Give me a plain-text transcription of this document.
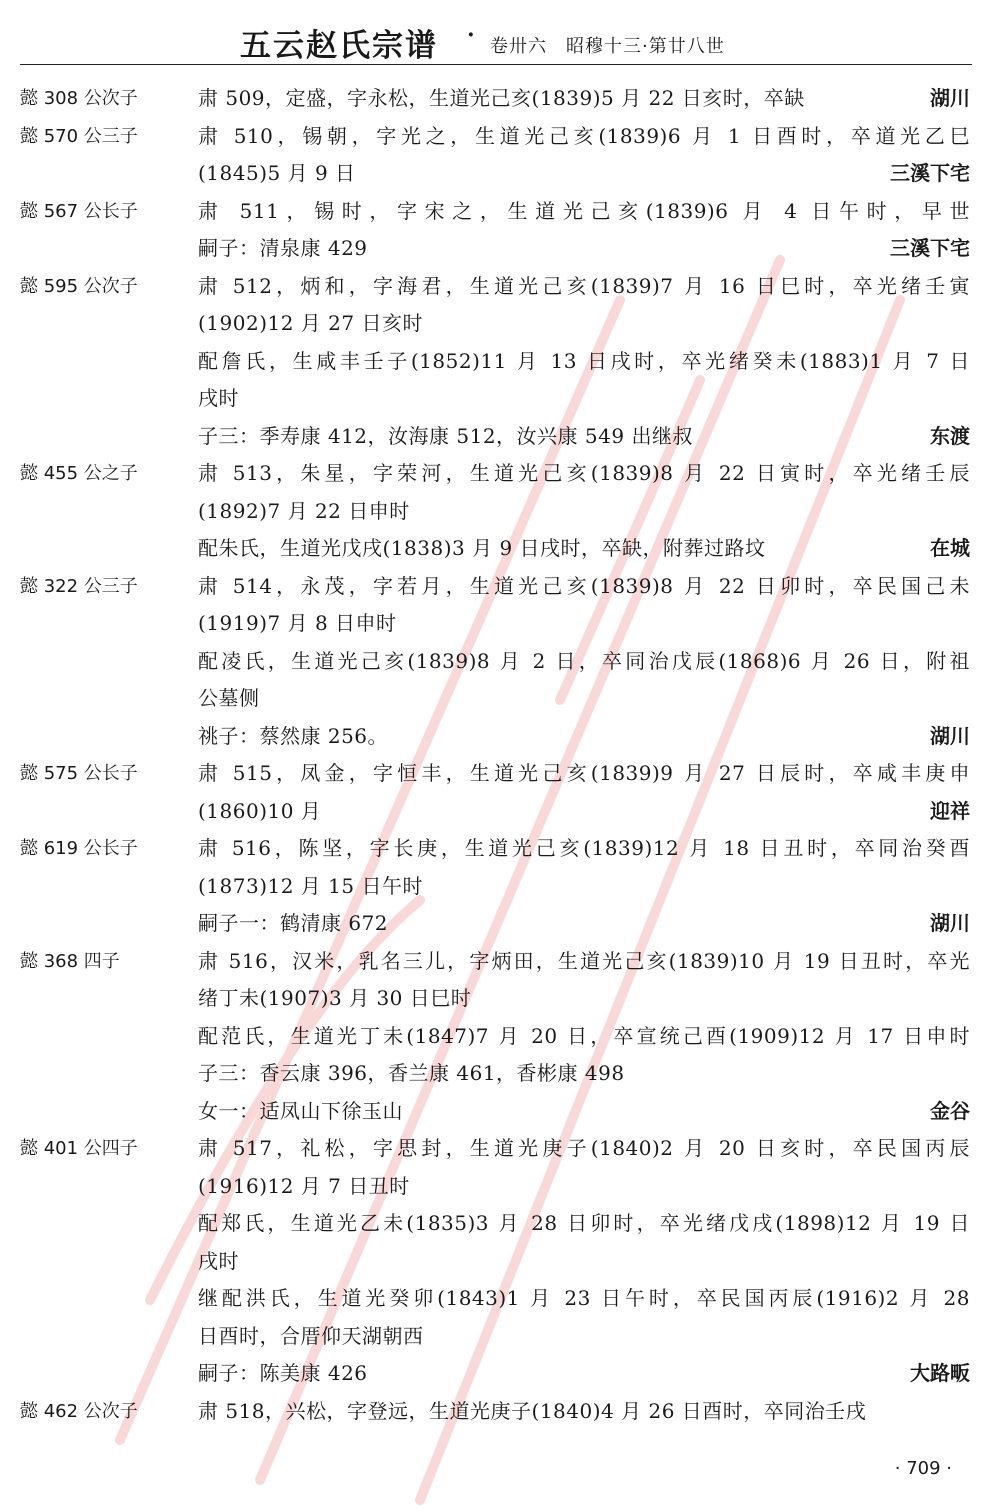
五云赵氏宗谱 · 卷卅六　昭穆十三·第廿八世
懿 308 公次子	肃 509，定盛，字永松，生道光己亥(1839)5 月 22 日亥时，卒缺	湖川
懿 570 公三子	肃 510，锡朝，字光之，生道光己亥(1839)6 月 1 日酉时，卒道光乙巳
(1845)5 月 9 日	三溪下宅
懿 567 公长子	肃 511，锡时，字宋之，生道光己亥(1839)6 月 4 日午时，早世
嗣子：清泉康 429	三溪下宅
懿 595 公次子	肃 512，炳和，字海君，生道光己亥(1839)7 月 16 日巳时，卒光绪壬寅
(1902)12 月 27 日亥时
配詹氏，生咸丰壬子(1852)11 月 13 日戌时，卒光绪癸未(1883)1 月 7 日
戌时
子三：季寿康 412，汝海康 512，汝兴康 549 出继叔	东渡
懿 455 公之子	肃 513，朱星，字荣河，生道光己亥(1839)8 月 22 日寅时，卒光绪壬辰
(1892)7 月 22 日申时
配朱氏，生道光戊戌(1838)3 月 9 日戌时，卒缺，附葬过路坟	在城
懿 322 公三子	肃 514，永茂，字若月，生道光己亥(1839)8 月 22 日卯时，卒民国己未
(1919)7 月 8 日申时
配凌氏，生道光己亥(1839)8 月 2 日，卒同治戊辰(1868)6 月 26 日，附祖
公墓侧
祧子：蔡然康 256。	湖川
懿 575 公长子	肃 515，凤金，字恒丰，生道光己亥(1839)9 月 27 日辰时，卒咸丰庚申
(1860)10 月	迎祥
懿 619 公长子	肃 516，陈坚，字长庚，生道光己亥(1839)12 月 18 日丑时，卒同治癸酉
(1873)12 月 15 日午时
嗣子一：鹤清康 672	湖川
懿 368 四子	肃 516，汉米，乳名三儿，字炳田，生道光己亥(1839)10 月 19 日丑时，卒光
绪丁未(1907)3 月 30 日巳时
配范氏，生道光丁未(1847)7 月 20 日，卒宣统己酉(1909)12 月 17 日申时
子三：香云康 396，香兰康 461，香彬康 498
女一：适凤山下徐玉山	金谷
懿 401 公四子	肃 517，礼松，字思封，生道光庚子(1840)2 月 20 日亥时，卒民国丙辰
(1916)12 月 7 日丑时
配郑氏，生道光乙未(1835)3 月 28 日卯时，卒光绪戊戌(1898)12 月 19 日
戌时
继配洪氏，生道光癸卯(1843)1 月 23 日午时，卒民国丙辰(1916)2 月 28
日酉时，合厝仰天湖朝西
嗣子：陈美康 426	大路畈
懿 462 公次子	肃 518，兴松，字登远，生道光庚子(1840)4 月 26 日酉时，卒同治壬戌
· 709 ·
